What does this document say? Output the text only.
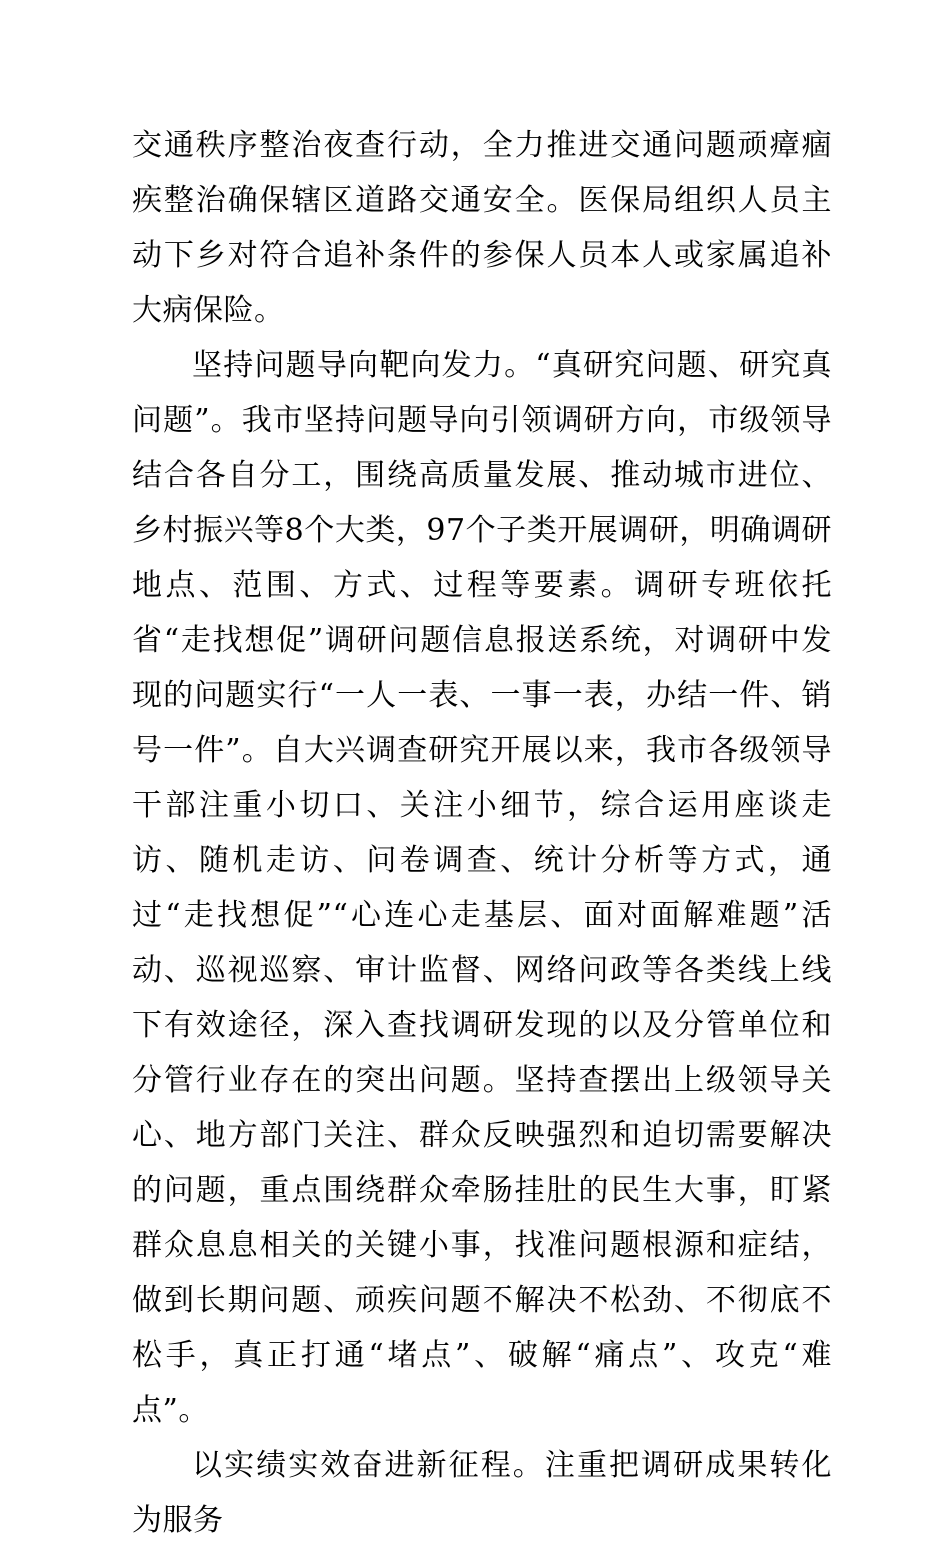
交通秩序整治夜查行动，全力推进交通问题顽瘴痼疾整治确保辖区道路交通安全。医保局组织人员主动下乡对符合追补条件的参保人员本人或家属追补大病保险。

坚持问题导向靶向发力。“真研究问题、研究真问题”。我市坚持问题导向引领调研方向，市级领导结合各自分工，围绕高质量发展、推动城市进位、乡村振兴等8个大类，97个子类开展调研，明确调研地点、范围、方式、过程等要素。调研专班依托省“走找想促”调研问题信息报送系统，对调研中发现的问题实行“一人一表、一事一表，办结一件、销号一件”。自大兴调查研究开展以来，我市各级领导干部注重小切口、关注小细节，综合运用座谈走访、随机走访、问卷调查、统计分析等方式，通过“走找想促”“心连心走基层、面对面解难题”活动、巡视巡察、审计监督、网络问政等各类线上线下有效途径，深入查找调研发现的以及分管单位和分管行业存在的突出问题。坚持查摆出上级领导关心、地方部门关注、群众反映强烈和迫切需要解决的问题，重点围绕群众牵肠挂肚的民生大事，盯紧群众息息相关的关键小事，找准问题根源和症结，做到长期问题、顽疾问题不解决不松劲、不彻底不松手，真正打通“堵点”、破解“痛点”、攻克“难点”。

以实绩实效奋进新征程。注重把调研成果转化为服务
